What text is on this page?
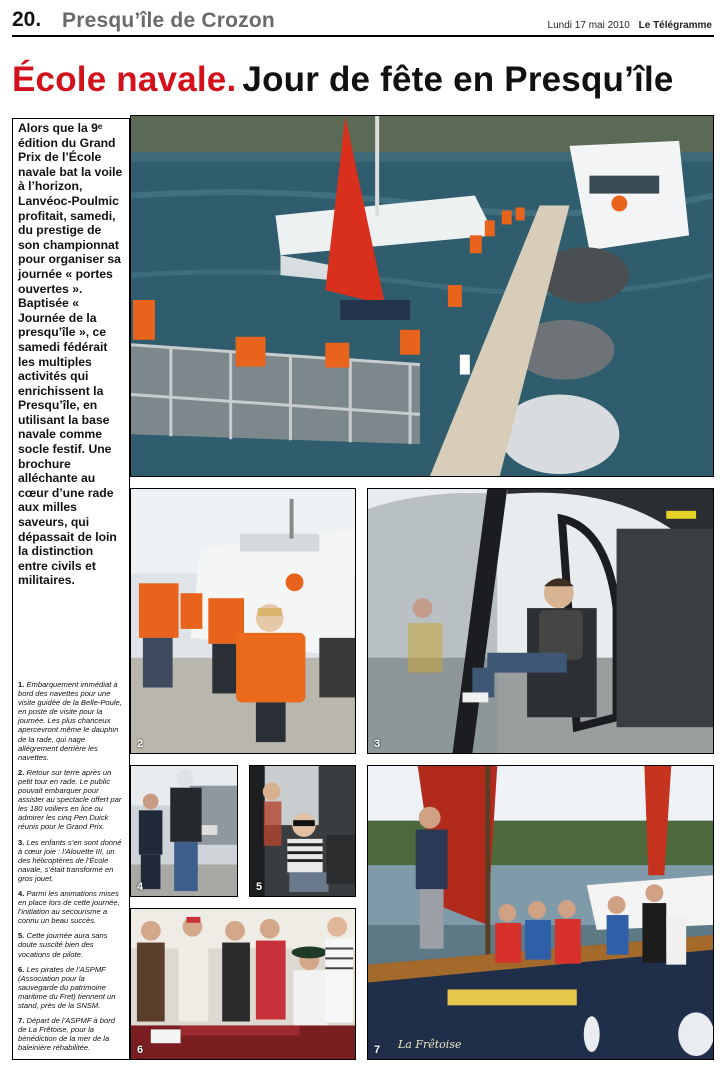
20. Presqu’île de Crozon	Lundi 17 mai 2010 Le Télégramme
École navale. Jour de fête en Presqu’île
Alors que la 9ᵉ édition du Grand Prix de l’École navale bat la voile à l’horizon, Lanvéoc-Poulmic profitait, samedi, du prestige de son championnat pour organiser sa journée « portes ouvertes ». Baptisée « Journée de la presqu’île », ce samedi fédérait les multiples activités qui enrichissent la Presqu’île, en utilisant la base navale comme socle festif. Une brochure alléchante au cœur d’une rade aux milles saveurs, qui dépassait de loin la distinction entre civils et militaires.

1. Embarquement immédiat à bord des navettes pour une visite guidée de la Belle-Poule, en poste de visite pour la journée. Les plus chanceux apercevront même le dauphin de la rade, qui nage allégrement derrière les navettes.

2. Retour sur terre après un petit tour en rade. Le public pouvait embarquer pour assister au spectacle offert par les 180 voiliers en lice ou admirer les cinq Pen Duick réunis pour le Grand Prix.

3. Les enfants s’en sont donné à cœur joie : l’Alouette III, un des hélicoptères de l’École navale, s’était transformé en gros jouet.

4. Parmi les animations mises en place lors de cette journée, l’initiation au secourisme a connu un beau succès.

5. Cette journée aura sans doute suscité bien des vocations de pilote.

6. Les pirates de l’ASPMF (Association pour la sauvegarde du patrimoine maritime du Fret) tiennent un stand, près de la SNSM.

7. Départ de l’ASPMF à bord de La Frêtoise, pour la bénédiction de la mer de la baleinière réhabilitée.

2	3
4	5
6	La Frêtoise
7
